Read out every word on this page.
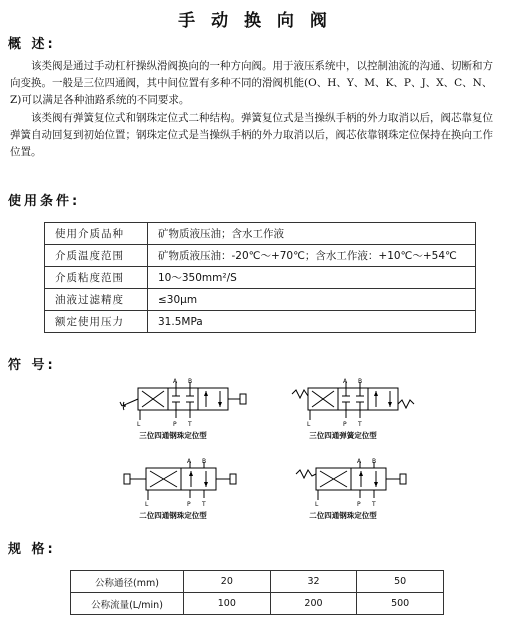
手 动 换 向 阀
概 述:

该类阀是通过手动杠杆操纵滑阀换向的一种方向阀。用于液压系统中，以控制油流的沟通、切断和方向变换。一般是三位四通阀，其中间位置有多种不同的滑阀机能(O、H、Y、M、K、P、J、X、C、N、Z)可以满足各种油路系统的不同要求。

该类阀有弹簧复位式和钢珠定位式二种结构。弹簧复位式是当操纵手柄的外力取消以后，阀芯靠复位弹簧自动回复到初始位置；钢珠定位式是当操纵手柄的外力取消以后，阀芯依靠钢珠定位保持在换向工作位置。

使用条件:
使用介质品种	矿物质液压油；含水工作液
介质温度范围	矿物质液压油：-20℃～+70℃；含水工作液：+10℃～+54℃
介质粘度范围	10～350mm²/S
油液过滤精度	≤30μm
额定使用压力	31.5MPa
符 号:
A B
P T
L
三位四通钢珠定位型
A B
P T
L
三位四通弹簧定位型
A B
P T
L
二位四通钢珠定位型
A B
P T
L
二位四通钢珠定位型
规 格:
公称通径(mm)	20	32	50
公称流量(L/min)	100	200	500
